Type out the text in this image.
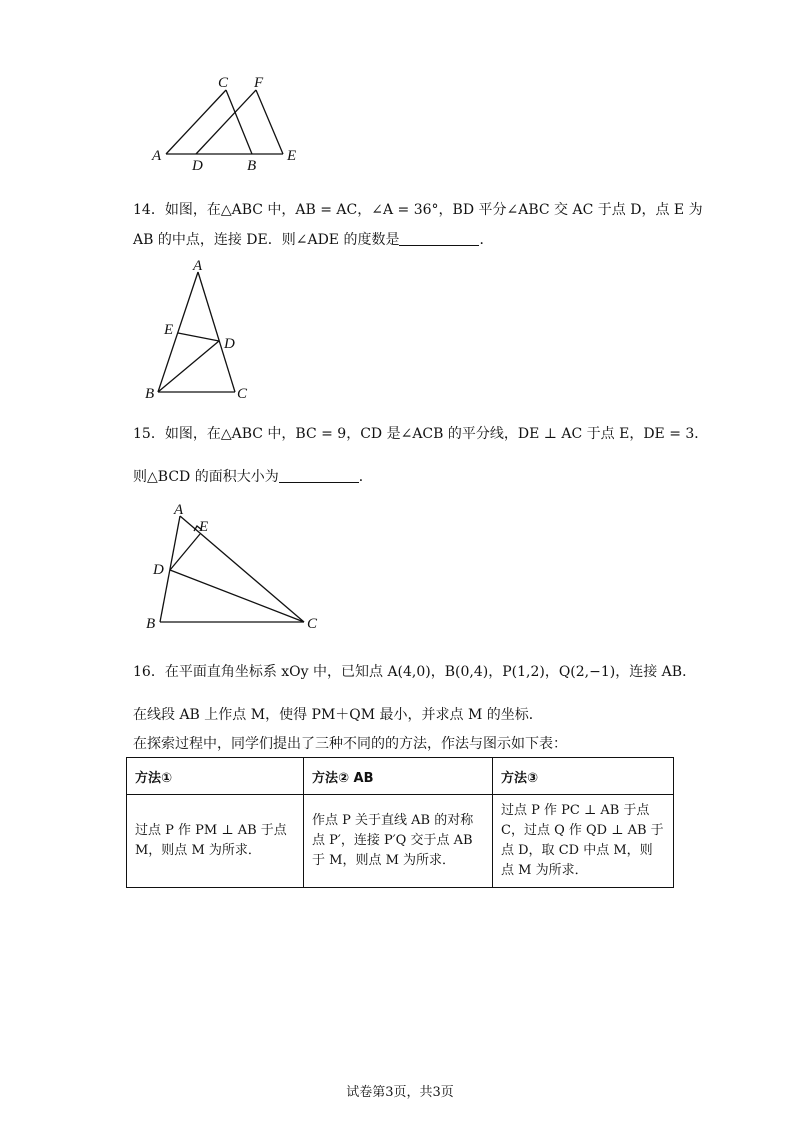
A
C F
D	B
E
14．如图，在△ABC 中，AB = AC，∠A = 36°，BD 平分∠ABC 交 AC 于点 D，点 E 为
AB 的中点，连接 DE．则∠ADE 的度数是	．
A
E
D
B	C
15．如图，在△ABC 中，BC = 9，CD 是∠ACB 的平分线，DE ⊥ AC 于点 E，DE = 3．
则△BCD 的面积大小为	．
A
E
D
B	C
16．在平面直角坐标系 xOy 中，已知点 A(4,0)，B(0,4)，P(1,2)，Q(2,−1)，连接 AB．
在线段 AB 上作点 M，使得 PM＋QM 最小，并求点 M 的坐标．
在探索过程中，同学们提出了三种不同的的方法，作法与图示如下表：
方法①	方法② AB	方法③
过点 P 作 PM ⊥ AB 于点 M，则点 M 为所求．	作点 P 关于直线 AB 的对称点 P′，连接 P′Q 交于点 AB 于 M，则点 M 为所求．	过点 P 作 PC ⊥ AB 于点 C，过点 Q 作 QD ⊥ AB 于点 D，取 CD 中点 M，则点 M 为所求．
试卷第3页，共3页
